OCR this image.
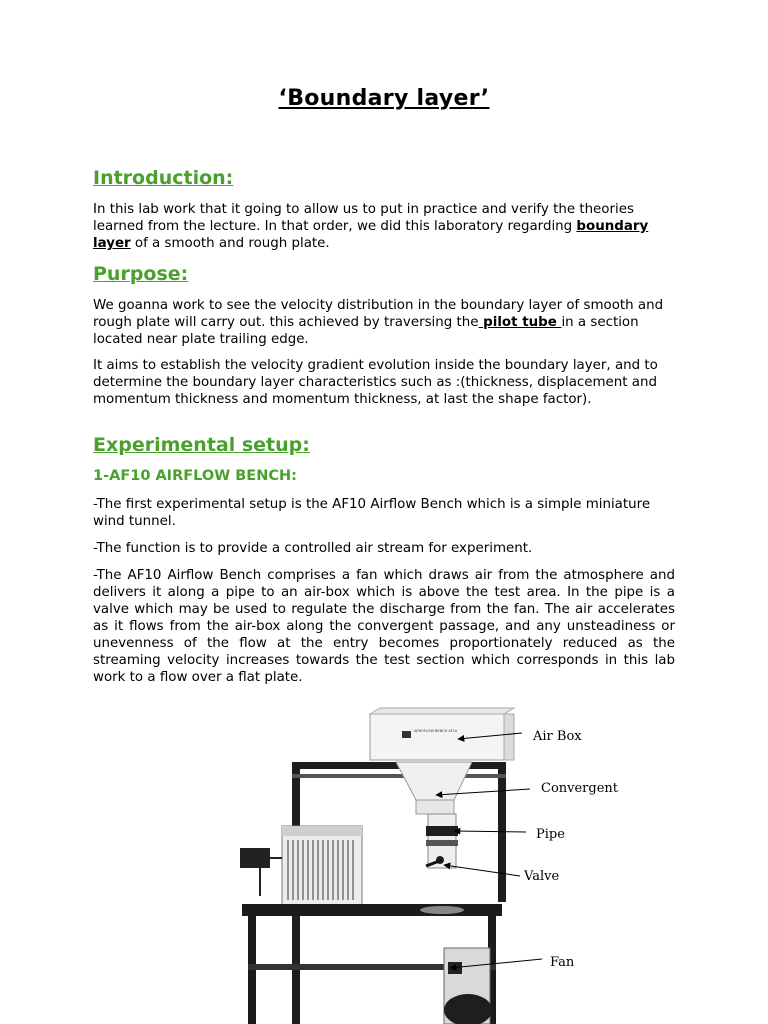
‘Boundary layer’
Introduction:

In this lab work that it going to allow us to put in practice and verify the theories learned from the lecture. In that order, we did this laboratory regarding boundary layer of a smooth and rough plate.

Purpose:

We goanna work to see the velocity distribution in the boundary layer of smooth and rough plate will carry out. this achieved by traversing the pilot tube in a section located near plate trailing edge.

It aims to establish the velocity gradient evolution inside the boundary layer, and to determine the boundary layer characteristics such as :(thickness, displacement and momentum thickness and momentum thickness, at last the shape factor).

Experimental setup:
1-AF10 AIRFLOW BENCH:

-The first experimental setup is the AF10 Airflow Bench which is a simple miniature wind tunnel.

-The function is to provide a controlled air stream for experiment.

-The AF10 Airflow Bench comprises a fan which draws air from the atmosphere and delivers it along a pipe to an air-box which is above the test area. In the pipe is a valve which may be used to regulate the discharge from the fan. The air accelerates as it flows from the air-box along the convergent passage, and any unsteadiness or unevenness of the flow at the entry becomes proportionately reduced as the streaming velocity increases towards the test section which corresponds in this lab work to a flow over a flat plate.

AEROFLOW BENCH AF10	Air Box
Convergent
Pipe
Valve
Fan
